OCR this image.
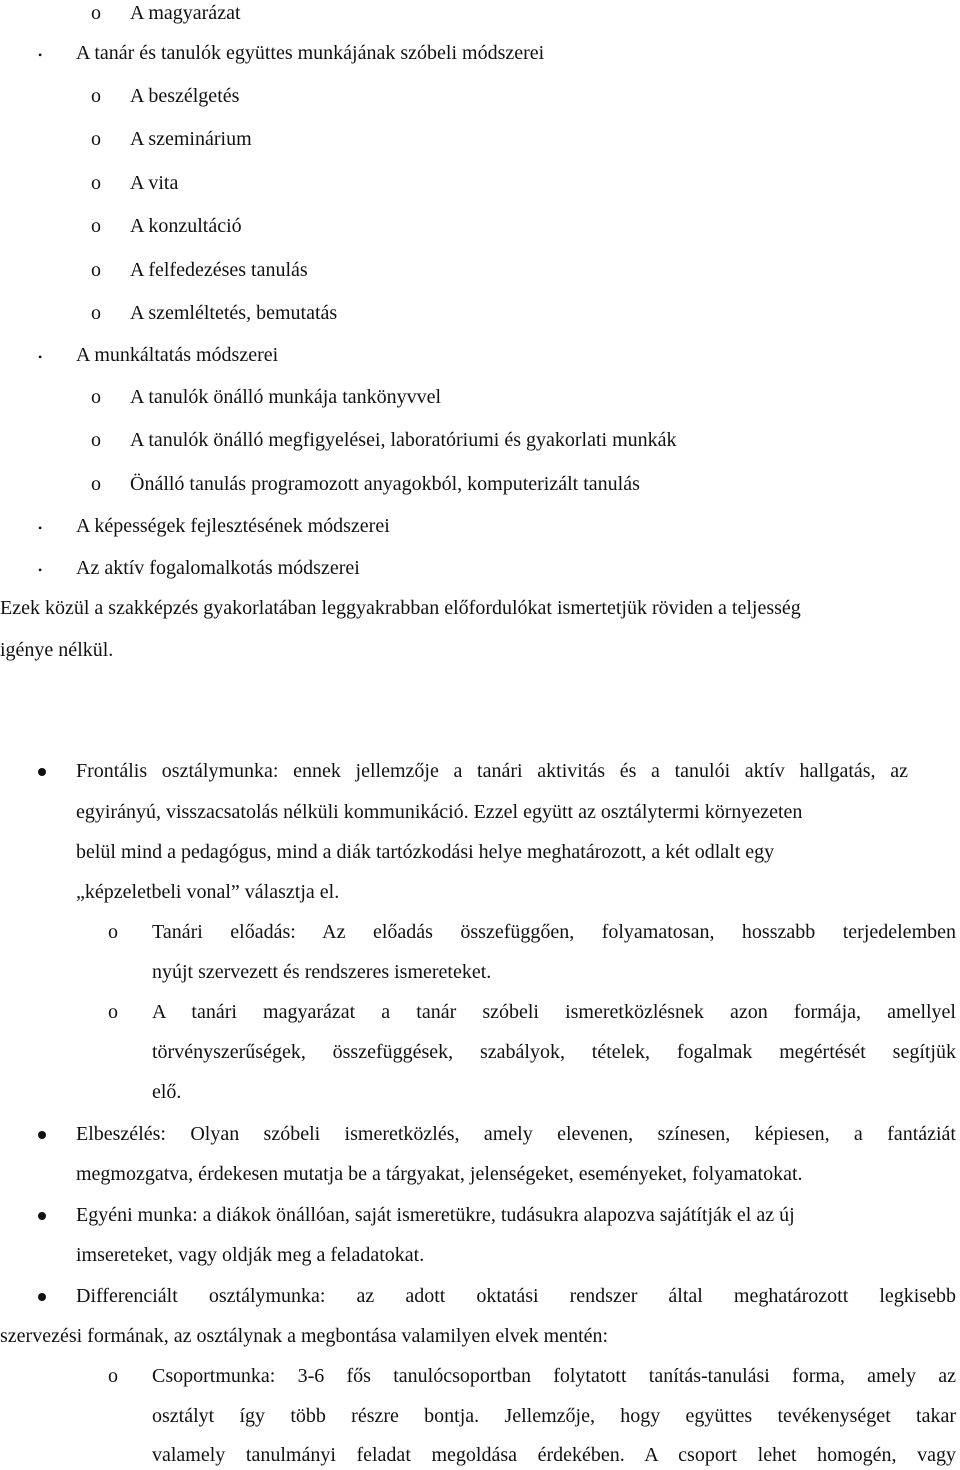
o A magyarázat
• A tanár és tanulók együttes munkájának szóbeli módszerei
o A beszélgetés
o A szeminárium
o A vita
o A konzultáció
o A felfedezéses tanulás
o A szemléltetés, bemutatás
• A munkáltatás módszerei
o A tanulók önálló munkája tankönyvvel
o A tanulók önálló megfigyelései, laboratóriumi és gyakorlati munkák
o Önálló tanulás programozott anyagokból, komputerizált tanulás
• A képességek fejlesztésének módszerei
• Az aktív fogalomalkotás módszerei
Ezek közül a szakképzés gyakorlatában leggyakrabban előfordulókat ismertetjük röviden a teljesség
igénye nélkül.
Frontális osztálymunka: ennek jellemzője a tanári aktivitás és a tanulói aktív hallgatás, az
egyirányú, visszacsatolás nélküli kommunikáció. Ezzel együtt az osztálytermi környezeten
belül mind a pedagógus, mind a diák tartózkodási helye meghatározott, a két odlalt egy
„képzeletbeli vonal” választja el.
o Tanári előadás: Az előadás összefüggően, folyamatosan, hosszabb terjedelemben
nyújt szervezett és rendszeres ismereteket.
o A tanári magyarázat a tanár szóbeli ismeretközlésnek azon formája, amellyel
törvényszerűségek, összefüggések, szabályok, tételek, fogalmak megértését segítjük
elő.
Elbeszélés: Olyan szóbeli ismeretközlés, amely elevenen, színesen, képiesen, a fantáziát
megmozgatva, érdekesen mutatja be a tárgyakat, jelenségeket, eseményeket, folyamatokat.
Egyéni munka: a diákok önállóan, saját ismeretükre, tudásukra alapozva sajátítják el az új
imsereteket, vagy oldják meg a feladatokat.
Differenciált osztálymunka: az adott oktatási rendszer által meghatározott legkisebb
szervezési formának, az osztálynak a megbontása valamilyen elvek mentén:
o Csoportmunka: 3-6 fős tanulócsoportban folytatott tanítás-tanulási forma, amely az
osztályt így több részre bontja. Jellemzője, hogy együttes tevékenységet takar
valamely tanulmányi feladat megoldása érdekében. A csoport lehet homogén, vagy
